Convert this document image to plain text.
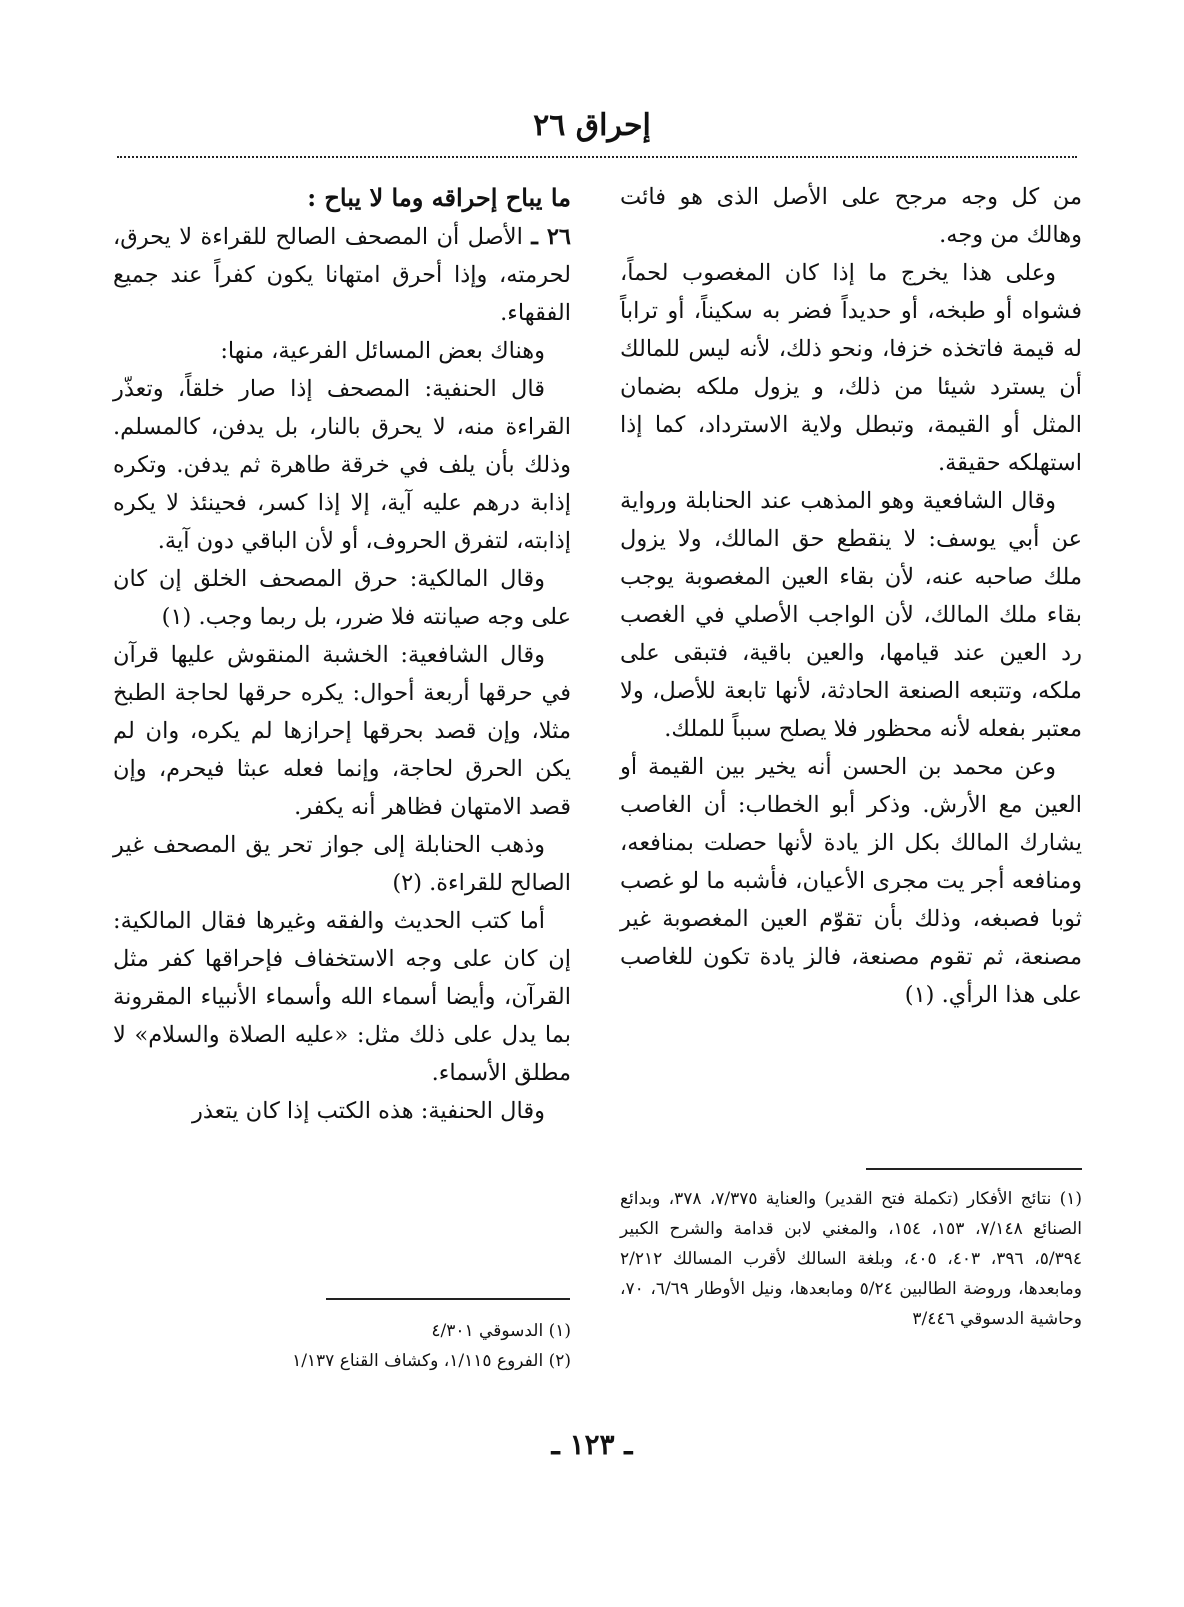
إحراق ٢٦

من كل وجه مرجح على الأصل الذى هو فائت وهالك من وجه.

وعلى هذا يخرج ما إذا كان المغصوب لحماً، فشواه أو طبخه، أو حديداً فضر به سكيناً، أو تراباً له قيمة فاتخذه خزفا، ونحو ذلك، لأنه ليس للمالك أن يسترد شيئا من ذلك، و يزول ملكه بضمان المثل أو القيمة، وتبطل ولاية الاسترداد، كما إذا استهلكه حقيقة.

وقال الشافعية وهو المذهب عند الحنابلة ورواية عن أبي يوسف: لا ينقطع حق المالك، ولا يزول ملك صاحبه عنه، لأن بقاء العين المغصوبة يوجب بقاء ملك المالك، لأن الواجب الأصلي في الغصب رد العين عند قيامها، والعين باقية، فتبقى على ملكه، وتتبعه الصنعة الحادثة، لأنها تابعة للأصل، ولا معتبر بفعله لأنه محظور فلا يصلح سبباً للملك.

وعن محمد بن الحسن أنه يخير بين القيمة أو العين مع الأرش. وذكر أبو الخطاب: أن الغاصب يشارك المالك بكل الز يادة لأنها حصلت بمنافعه، ومنافعه أجر يت مجرى الأعيان، فأشبه ما لو غصب ثوبا فصبغه، وذلك بأن تقوّم العين المغصوبة غير مصنعة، ثم تقوم مصنعة، فالز يادة تكون للغاصب على هذا الرأي. (١)

ما يباح إحراقه وما لا يباح :

٢٦ ـ الأصل أن المصحف الصالح للقراءة لا يحرق، لحرمته، وإذا أحرق امتهانا يكون كفراً عند جميع الفقهاء.

وهناك بعض المسائل الفرعية، منها:

قال الحنفية: المصحف إذا صار خلقاً، وتعذّر القراءة منه، لا يحرق بالنار، بل يدفن، كالمسلم. وذلك بأن يلف في خرقة طاهرة ثم يدفن. وتكره إذابة درهم عليه آية، إلا إذا كسر، فحينئذ لا يكره إذابته، لتفرق الحروف، أو لأن الباقي دون آية.

وقال المالكية: حرق المصحف الخلق إن كان على وجه صيانته فلا ضرر، بل ربما وجب. (١)

وقال الشافعية: الخشبة المنقوش عليها قرآن في حرقها أربعة أحوال: يكره حرقها لحاجة الطبخ مثلا، وإن قصد بحرقها إحرازها لم يكره، وان لم يكن الحرق لحاجة، وإنما فعله عبثا فيحرم، وإن قصد الامتهان فظاهر أنه يكفر.

وذهب الحنابلة إلى جواز تحر يق المصحف غير الصالح للقراءة. (٢)

أما كتب الحديث والفقه وغيرها فقال المالكية: إن كان على وجه الاستخفاف فإحراقها كفر مثل القرآن، وأيضا أسماء الله وأسماء الأنبياء المقرونة بما يدل على ذلك مثل: «عليه الصلاة والسلام» لا مطلق الأسماء.

وقال الحنفية: هذه الكتب إذا كان يتعذر

(١) نتائج الأفكار (تكملة فتح القدير) والعناية ٧/٣٧٥، ٣٧٨، وبدائع الصنائع ٧/١٤٨، ١٥٣، ١٥٤، والمغني لابن قدامة والشرح الكبير ٥/٣٩٤، ٣٩٦، ٤٠٣، ٤٠٥، وبلغة السالك لأقرب المسالك ٢/٢١٢ ومابعدها، وروضة الطالبين ٥/٢٤ ومابعدها، ونيل الأوطار ٦/٦٩، ٧٠، وحاشية الدسوقي ٣/٤٤٦

(١) الدسوقي ٤/٣٠١

(٢) الفروع ١/١١٥، وكشاف القناع ١/١٣٧

ـ ١٢٣ ـ
